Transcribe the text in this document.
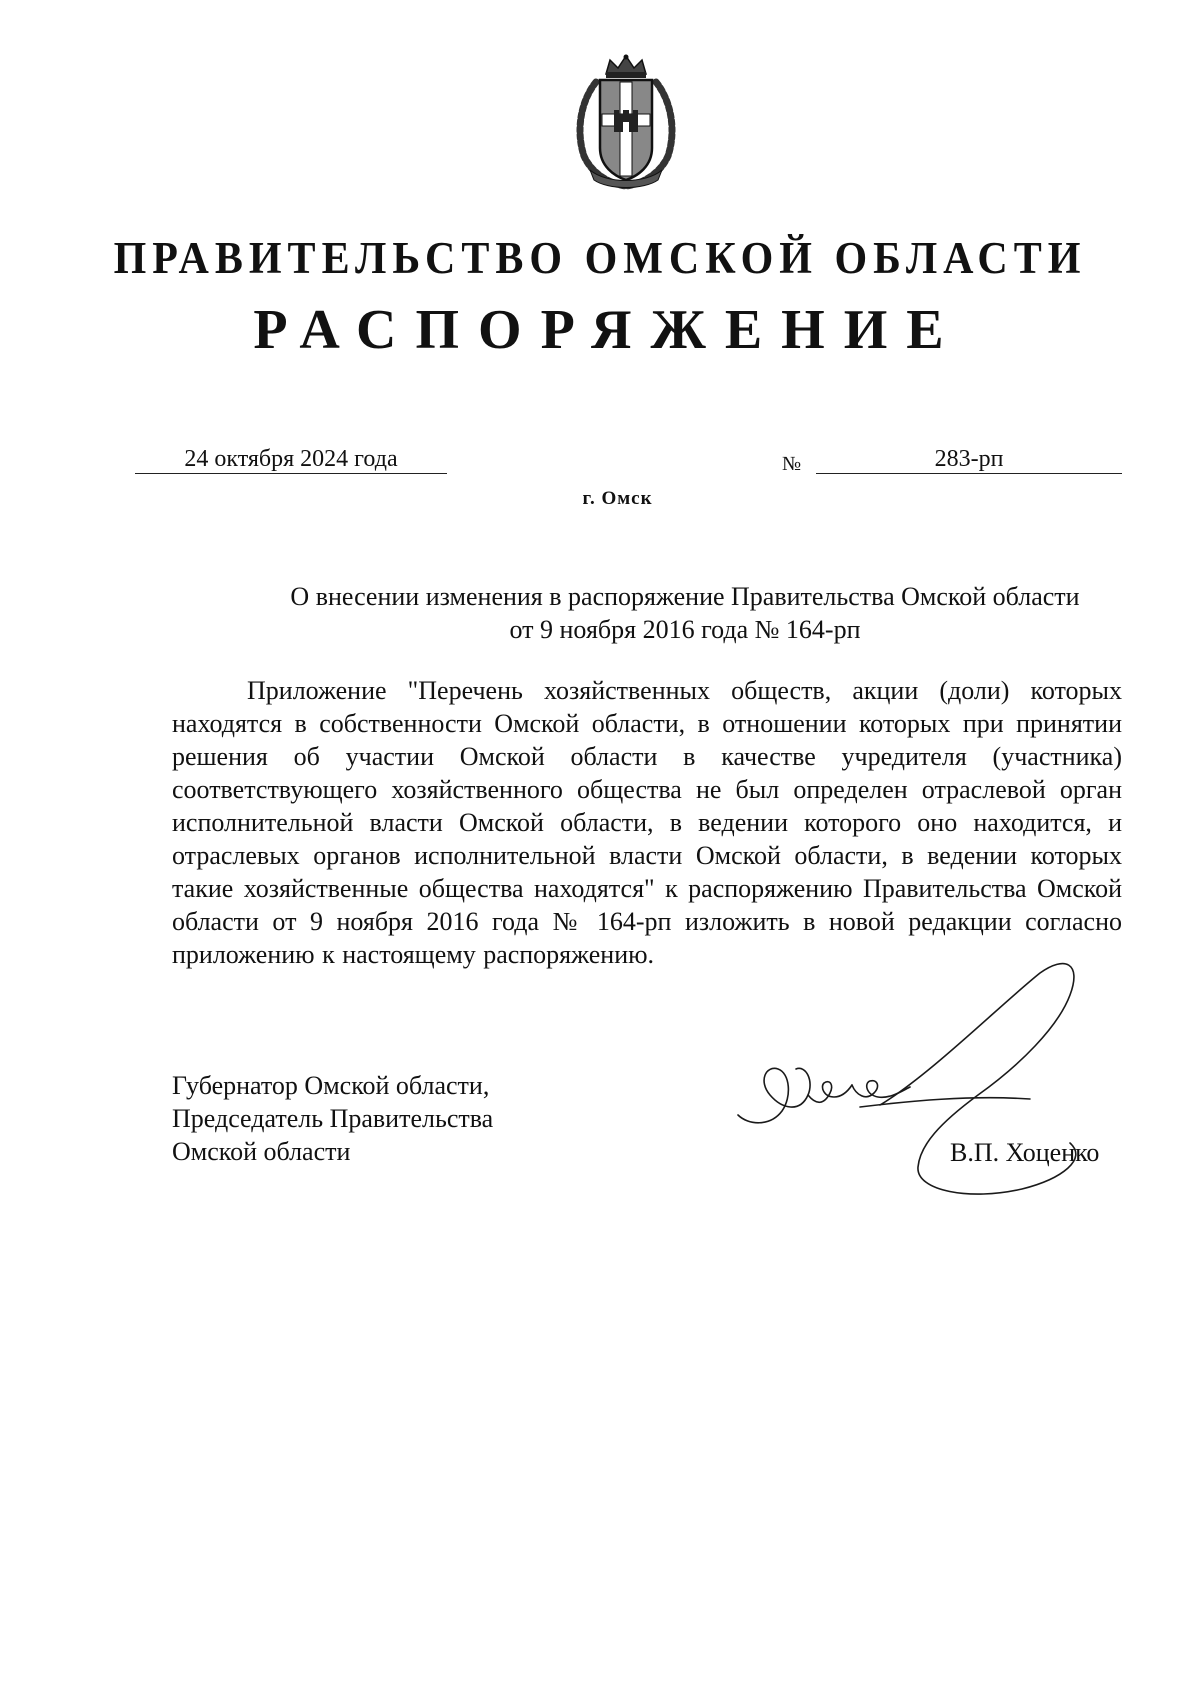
ПРАВИТЕЛЬСТВО ОМСКОЙ ОБЛАСТИ
РАСПОРЯЖЕНИЕ
24 октября 2024 года	№	283-рп
г. Омск
О внесении изменения в распоряжение Правительства Омской области
от 9 ноября 2016 года № 164-рп
Приложение "Перечень хозяйственных обществ, акции (доли) которых находятся в собственности Омской области, в отношении которых при принятии решения об участии Омской области в качестве учредителя (участника) соответствующего хозяйственного общества не был определен отраслевой орган исполнительной власти Омской области, в ведении которого оно находится, и отраслевых органов исполнительной власти Омской области, в ведении которых такие хозяйственные общества находятся" к распоряжению Правительства Омской области от 9 ноября 2016 года № 164-рп изложить в новой редакции согласно приложению к настоящему распоряжению.
Губернатор Омской области,
Председатель Правительства
Омской области	В.П. Хоценко
